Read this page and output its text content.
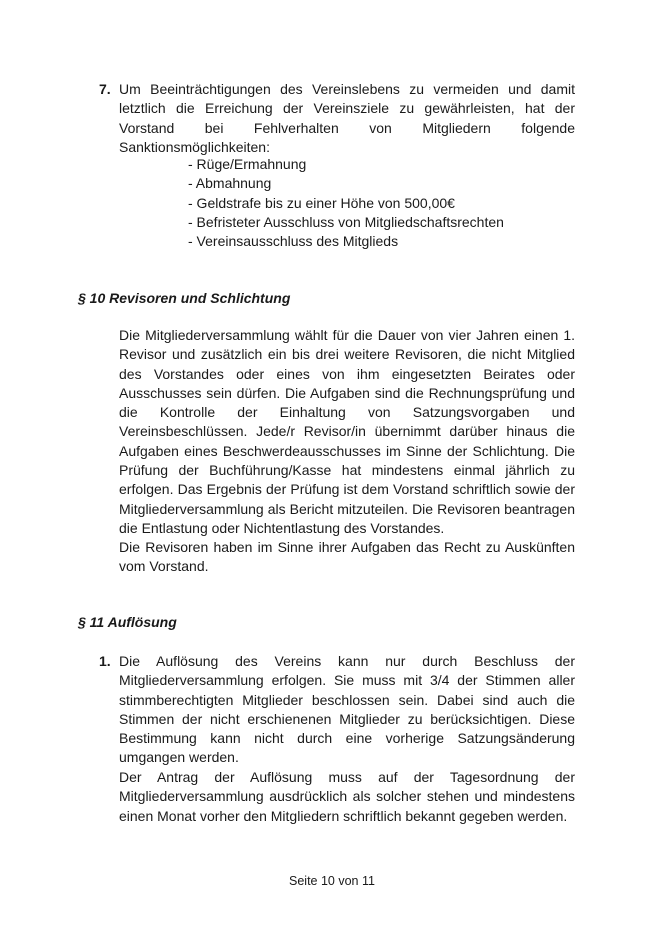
7. Um Beeinträchtigungen des Vereinslebens zu vermeiden und damit letztlich die Erreichung der Vereinsziele zu gewährleisten, hat der Vorstand bei Fehlverhalten von Mitgliedern folgende Sanktionsmöglichkeiten:

- Rüge/Ermahnung
- Abmahnung
- Geldstrafe bis zu einer Höhe von 500,00€
- Befristeter Ausschluss von Mitgliedschaftsrechten
- Vereinsausschluss des Mitglieds
§ 10 Revisoren und Schlichtung

Die Mitgliederversammlung wählt für die Dauer von vier Jahren einen 1. Revisor und zusätzlich ein bis drei weitere Revisoren, die nicht Mitglied des Vorstandes oder eines von ihm eingesetzten Beirates oder Ausschusses sein dürfen. Die Aufgaben sind die Rechnungsprüfung und die Kontrolle der Einhaltung von Satzungsvorgaben und Vereinsbeschlüssen. Jede/r Revisor/in übernimmt darüber hinaus die Aufgaben eines Beschwerdeausschusses im Sinne der Schlichtung. Die Prüfung der Buchführung/Kasse hat mindestens einmal jährlich zu erfolgen. Das Ergebnis der Prüfung ist dem Vorstand schriftlich sowie der Mitgliederversammlung als Bericht mitzuteilen. Die Revisoren beantragen die Entlastung oder Nichtentlastung des Vorstandes.

Die Revisoren haben im Sinne ihrer Aufgaben das Recht zu Auskünften vom Vorstand.

§ 11 Auflösung
1. Die Auflösung des Vereins kann nur durch Beschluss der Mitgliederversammlung erfolgen. Sie muss mit 3/4 der Stimmen aller stimmberechtigten Mitglieder beschlossen sein. Dabei sind auch die Stimmen der nicht erschienenen Mitglieder zu berücksichtigen. Diese Bestimmung kann nicht durch eine vorherige Satzungsänderung umgangen werden.

Der Antrag der Auflösung muss auf der Tagesordnung der Mitgliederversammlung ausdrücklich als solcher stehen und mindestens einen Monat vorher den Mitgliedern schriftlich bekannt gegeben werden.

Seite 10 von 11
